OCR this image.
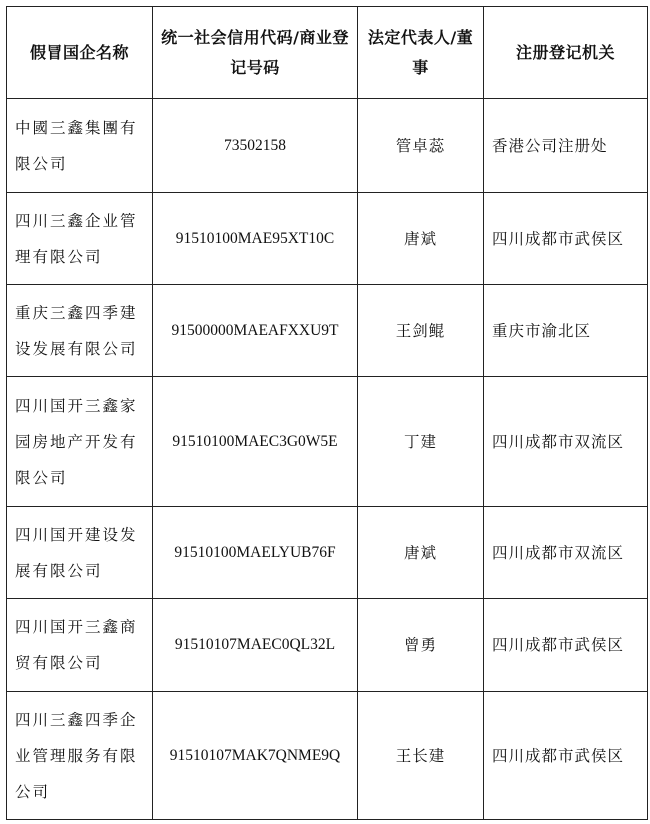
假冒国企名称	统一社会信用代码/商业登记号码	法定代表人/董事	注册登记机关
中國三鑫集團有限公司	73502158	管卓蕊	香港公司注册处
四川三鑫企业管理有限公司	91510100MAE95XT10C	唐斌	四川成都市武侯区
重庆三鑫四季建设发展有限公司	91500000MAEAFXXU9T	王剑鲲	重庆市渝北区
四川国开三鑫家园房地产开发有限公司	91510100MAEC3G0W5E	丁建	四川成都市双流区
四川国开建设发展有限公司	91510100MAELYUB76F	唐斌	四川成都市双流区
四川国开三鑫商贸有限公司	91510107MAEC0QL32L	曾勇	四川成都市武侯区
四川三鑫四季企业管理服务有限公司	91510107MAK7QNME9Q	王长建	四川成都市武侯区
